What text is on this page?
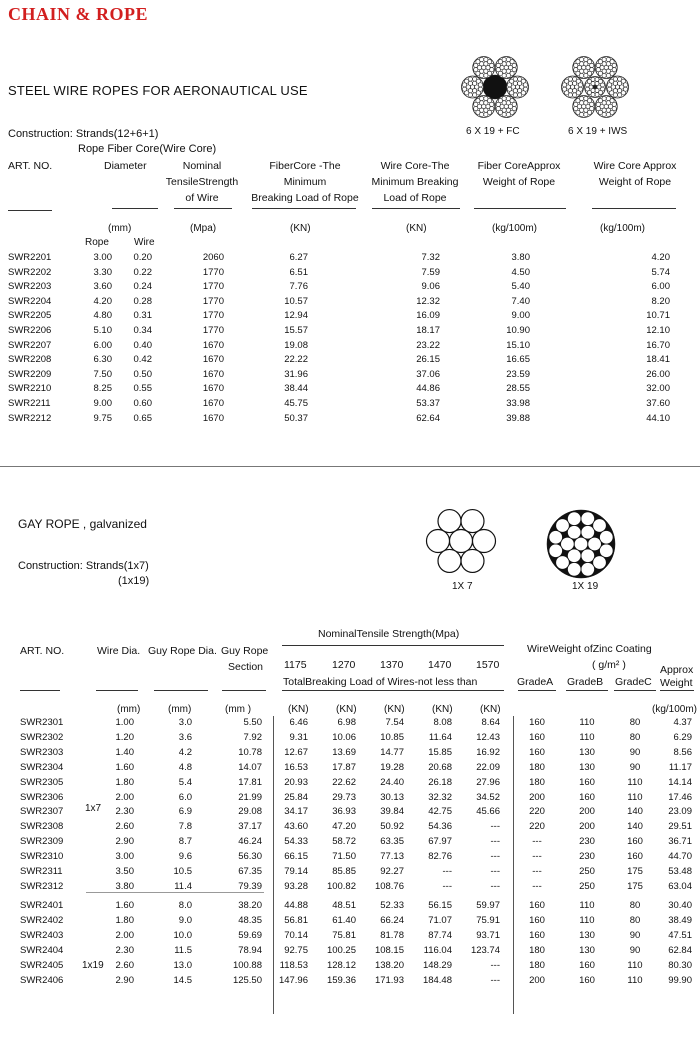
CHAIN & ROPE
STEEL WIRE ROPES FOR AERONAUTICAL USE
6 X 19 + FC	6 X 19 + IWS
Construction: Strands(12+6+1)
Rope Fiber Core(Wire Core)
ART. NO.	Diameter	Nominal
TensileStrength
of Wire
FiberCore -The
Minimum
Breaking Load of Rope
Wire Core-The
Minimum Breaking
Load of Rope
Fiber CoreApprox
Weight of Rope
Wire Core Approx
Weight of Rope
(mm)
Rope	Wire
(Mpa)	(KN)	(KN)	(kg/100m)	(kg/100m)
SWR2201	3.00	0.20	2060	6.27	7.32	3.80	4.20
SWR2202	3.30	0.22	1770	6.51	7.59	4.50	5.74
SWR2203	3.60	0.24	1770	7.76	9.06	5.40	6.00
SWR2204	4.20	0.28	1770	10.57	12.32	7.40	8.20
SWR2205	4.80	0.31	1770	12.94	16.09	9.00	10.71
SWR2206	5.10	0.34	1770	15.57	18.17	10.90	12.10
SWR2207	6.00	0.40	1670	19.08	23.22	15.10	16.70
SWR2208	6.30	0.42	1670	22.22	26.15	16.65	18.41
SWR2209	7.50	0.50	1670	31.96	37.06	23.59	26.00
SWR2210	8.25	0.55	1670	38.44	44.86	28.55	32.00
SWR2211	9.00	0.60	1670	45.75	53.37	33.98	37.60
SWR2212	9.75	0.65	1670	50.37	62.64	39.88	44.10
GAY ROPE , galvanized
Construction: Strands(1x7)
(1x19)	1X 7	1X 19
ART. NO.	Wire Dia. Guy Rope Dia. Guy Rope
Section
NominalTensile Strength(Mpa)
1175 1270 1370 1470 1570
TotalBreaking Load of Wires-not less than
WireWeight ofZinc Coating
( g/m² )
GradeA GradeB GradeC
Approx
Weight
(mm)	(mm)	(mm )	(KN)	(KN)	(KN)	(KN)	(KN)	(kg/100m)
SWR2301	1.00	3.0	5.50	6.46	6.98	7.54	8.08	8.64	160	110	80	4.37
SWR2302	1.20	3.6	7.92	9.31	10.06	10.85	11.64	12.43	160	110	80	6.29
SWR2303	1.40	4.2	10.78	12.67	13.69	14.77	15.85	16.92	160	130	90	8.56
SWR2304	1.60	4.8	14.07	16.53	17.87	19.28	20.68	22.09	180	130	90	11.17
SWR2305	1.80	5.4	17.81	20.93	22.62	24.40	26.18	27.96	180	160	110	14.14
SWR2306	2.00	6.0	21.99	25.84	29.73	30.13	32.32	34.52	200	160	110	17.46
SWR2307	2.30	6.9	29.08	34.17	36.93	39.84	42.75	45.66	220	200	140	23.09
SWR2308	2.60	7.8	37.17	43.60	47.20	50.92	54.36	---	220	200	140	29.51
SWR2309	2.90	8.7	46.24	54.33	58.72	63.35	67.97	---	---	230	160	36.71
SWR2310	3.00	9.6	56.30	66.15	71.50	77.13	82.76	---	---	230	160	44.70
SWR2311	3.50	10.5	67.35	79.14	85.85	92.27	---	---	---	250	175	53.48
SWR2312	3.80	11.4	79.39	93.28	100.82	108.76	---	---	---	250	175	63.04
SWR2401	1.60	8.0	38.20	44.88	48.51	52.33	56.15	59.97	160	110	80	30.40
SWR2402	1.80	9.0	48.35	56.81	61.40	66.24	71.07	75.91	160	110	80	38.49
SWR2403	2.00	10.0	59.69	70.14	75.81	81.78	87.74	93.71	160	130	90	47.51
SWR2404	2.30	11.5	78.94	92.75	100.25	108.15	116.04	123.74	180	130	90	62.84
SWR2405	2.60	13.0	100.88	118.53	128.12	138.20	148.29	---	180	160	110	80.30
SWR2406	2.90	14.5	125.50	147.96	159.36	171.93	184.48	---	200	160	110	99.90
1x7
1x19
